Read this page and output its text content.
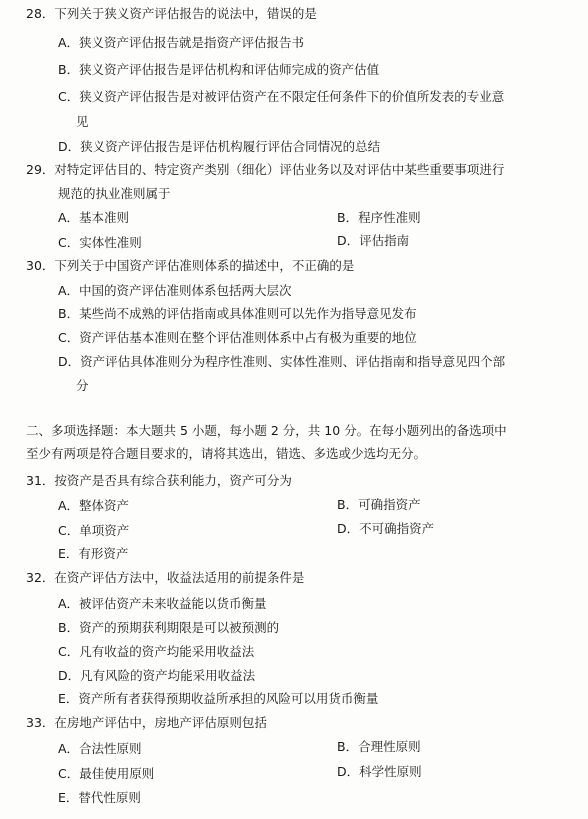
28．下列关于狭义资产评估报告的说法中，错误的是
A．狭义资产评估报告就是指资产评估报告书
B．狭义资产评估报告是评估机构和评估师完成的资产估值
C．狭义资产评估报告是对被评估资产在不限定任何条件下的价值所发表的专业意
见
D．狭义资产评估报告是评估机构履行评估合同情况的总结
29．对特定评估目的、特定资产类别（细化）评估业务以及对评估中某些重要事项进行
规范的执业准则属于
A．基本准则	B．程序性准则
C．实体性准则	D．评估指南
30．下列关于中国资产评估准则体系的描述中，不正确的是
A．中国的资产评估准则体系包括两大层次
B．某些尚不成熟的评估指南或具体准则可以先作为指导意见发布
C．资产评估基本准则在整个评估准则体系中占有极为重要的地位
D．资产评估具体准则分为程序性准则、实体性准则、评估指南和指导意见四个部
分
二、多项选择题：本大题共 5 小题，每小题 2 分，共 10 分。在每小题列出的备选项中
至少有两项是符合题目要求的，请将其选出，错选、多选或少选均无分。
31．按资产是否具有综合获利能力，资产可分为
A．整体资产	B．可确指资产
C．单项资产	D．不可确指资产
E．有形资产
32．在资产评估方法中，收益法适用的前提条件是
A．被评估资产未来收益能以货币衡量
B．资产的预期获利期限是可以被预测的
C．凡有收益的资产均能采用收益法
D．凡有风险的资产均能采用收益法
E．资产所有者获得预期收益所承担的风险可以用货币衡量
33．在房地产评估中，房地产评估原则包括
A．合法性原则	B．合理性原则
C．最佳使用原则	D．科学性原则
E．替代性原则
